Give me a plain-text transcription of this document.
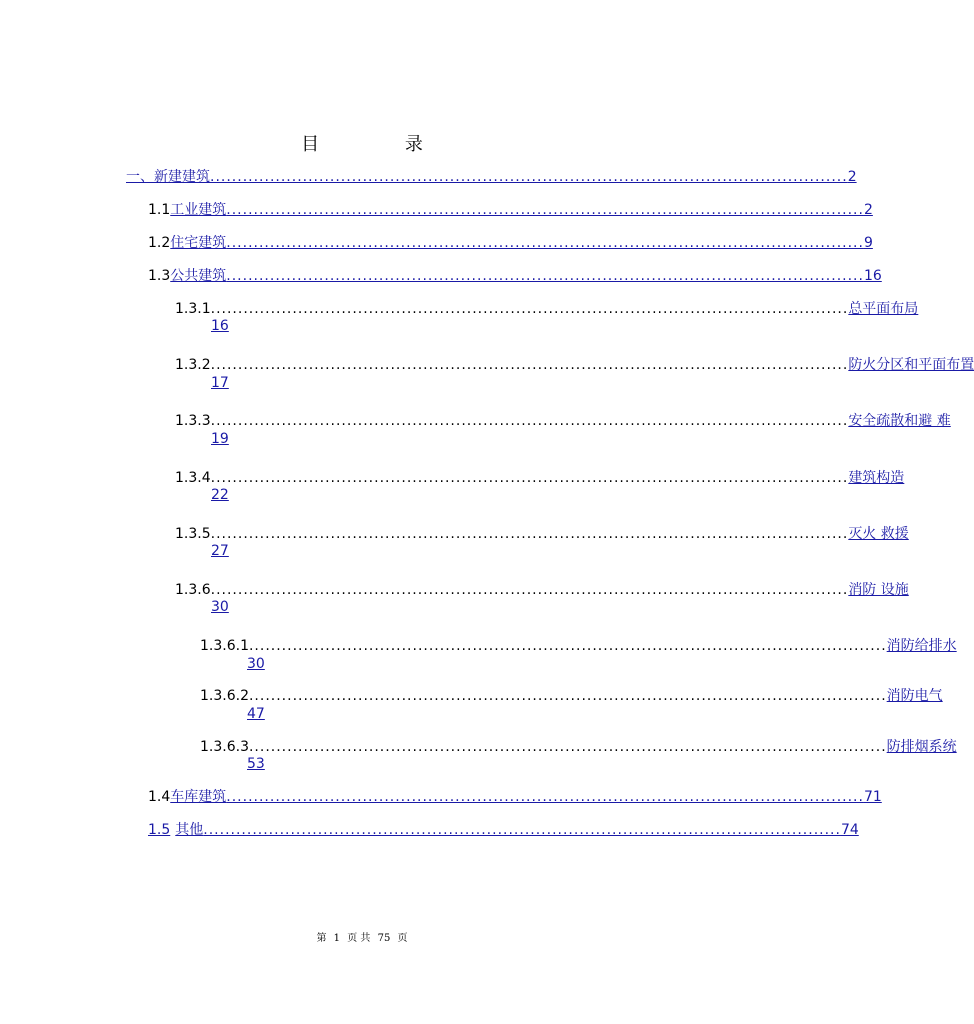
目 录
一、新建建筑 ..................................................................................................................... 2
1.1 工业建筑 ..................................................................................................................... 2
1.2 住宅建筑 ..................................................................................................................... 9
1.3 公共建筑 ..................................................................................................................... 16
1.3.1 ..................................................................................................................... 总平面布局
16
1.3.2 ..................................................................................................................... 防火分区和平面布置
17
1.3.3 ..................................................................................................................... 安全疏散和避 难
19
1.3.4 ..................................................................................................................... 建筑构造
22
1.3.5 ..................................................................................................................... 灭火 救援
27
1.3.6 ..................................................................................................................... 消防 设施
30
1.3.6.1 ..................................................................................................................... 消防给排水
30
1.3.6.2 ..................................................................................................................... 消防电气
47
1.3.6.3 ..................................................................................................................... 防排烟系统
53
1.4 车库建筑 ..................................................................................................................... 71
1.5 其他 ..................................................................................................................... 74
第 1 页 共 75 页
